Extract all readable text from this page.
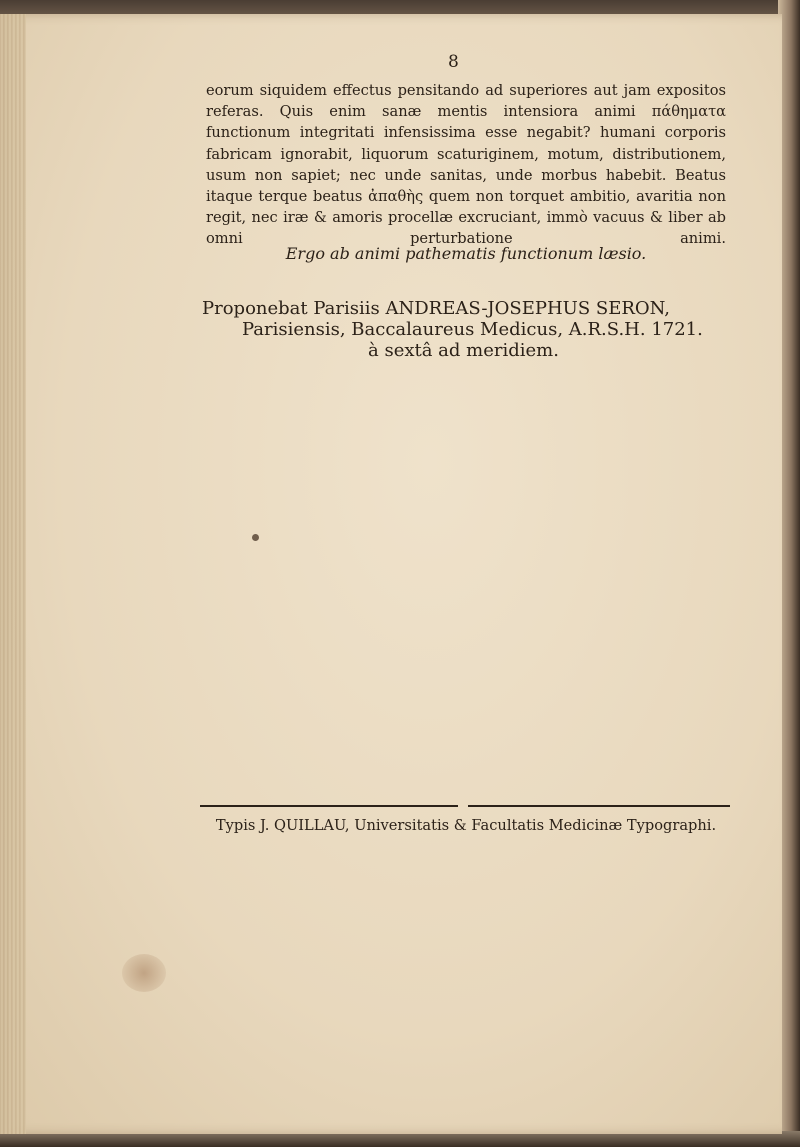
8

eorum siquidem effectus pensitando ad superiores aut jam expositos referas. Quis enim sanæ mentis intensiora animi πάθηματα functionum integritati infensissima esse negabit? humani corporis fabricam ignorabit, liquorum scaturiginem, motum, distributionem, usum non sapiet; nec unde sanitas, unde morbus habebit. Beatus itaque terque beatus ἀπαθὴς quem non torquet ambitio, avaritia non regit, nec iræ & amoris procellæ excruciant, immò vacuus & liber ab omni perturbatione animi.

Ergo ab animi pathematis functionum læsio.

Proponebat Parisiis ANDREAS-JOSEPHUS SERON,
Parisiensis, Baccalaureus Medicus, A.R.S.H. 1721.
à sextâ ad meridiem.

Typis J. QUILLAU, Universitatis & Facultatis Medicinæ Typographi.
